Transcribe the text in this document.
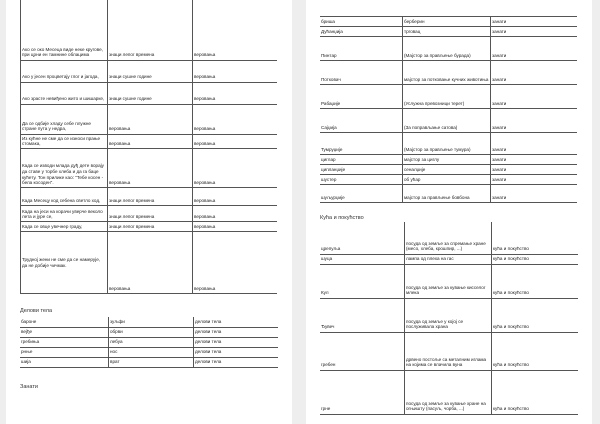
Ако се око Месеца виде неке кругове, при црни ен тамнине облацима	знаци лепог времена	веровања
Ако у јесен процветају глог и јагода,	знаци сушне године	веровања
Ако зрасте невиђено жито и шишарке,	знаци сушне године	веровања
Да се одбије хладу себе плужне стране пута у недра,	веровања	веровања
Из кућне не сме да се износи прање стомака,	веровања	веровања
Када се изводи млада дуђ дете ворају да ставе у торбе хлеба и да га баце кућету. Тон прилике као: "Тебе косен - бела косоден".	веровања	веровања
Када Месецу код себена светло ход,	знаци лепог времена	веровања
Када на јеси на корачи уверче веколо лета и јуре се,	знаци лепог времена	веровања
Када се овце увечнер граду,	знаци лепог времена	веровања
Трудној жени не сме да се намерује, да не добије чичмак.	веровања	веровања
Делови тела
бароне	зуљфи	делови тела
вејђе	обрви	делови тела
гребиња	лебуа	делови тела
рнње	нос	делови тела
шија	врат	делови тела
Занати
бриша	берберин	занати
Дућанџија	трговац	занати
Пинтар	(Мајстор за прављење бурада)	занати
Потковач	мајстор за потковање кучних животиња	занати
Рабаџије	(Услужна превозници терет)	занати
Сајџија	(За поправљање сатова)	занати
Тумруџије	(Мајстор за прављење тумура)	занати
циглар	мајстор за циглу	занати
ципланџије	сеналџије	занати
шустер	об ућар	занати
шуљурџије	мајстор за прављење бовбона	занати
Кућа и покућство
црепуља	посуда од земље за спремање хране (месо, хлеба, крошпир, ...)	кућа и покућство
шуца	лампа од плеха на гас	кућа и покућство
Кул	посуда од земље за кување кисселог млека	кућа и покућство
Ђувеч	посуда од земље у којој се послуживала храна	кућа и покућство
гребен	дрвено постоље са металним иглама на којима се влачила вуна	кућа и покућство
грне	посуда од земље за кување хране на огњишту (пасуљ, чорба, ...)	кућа и покућство
